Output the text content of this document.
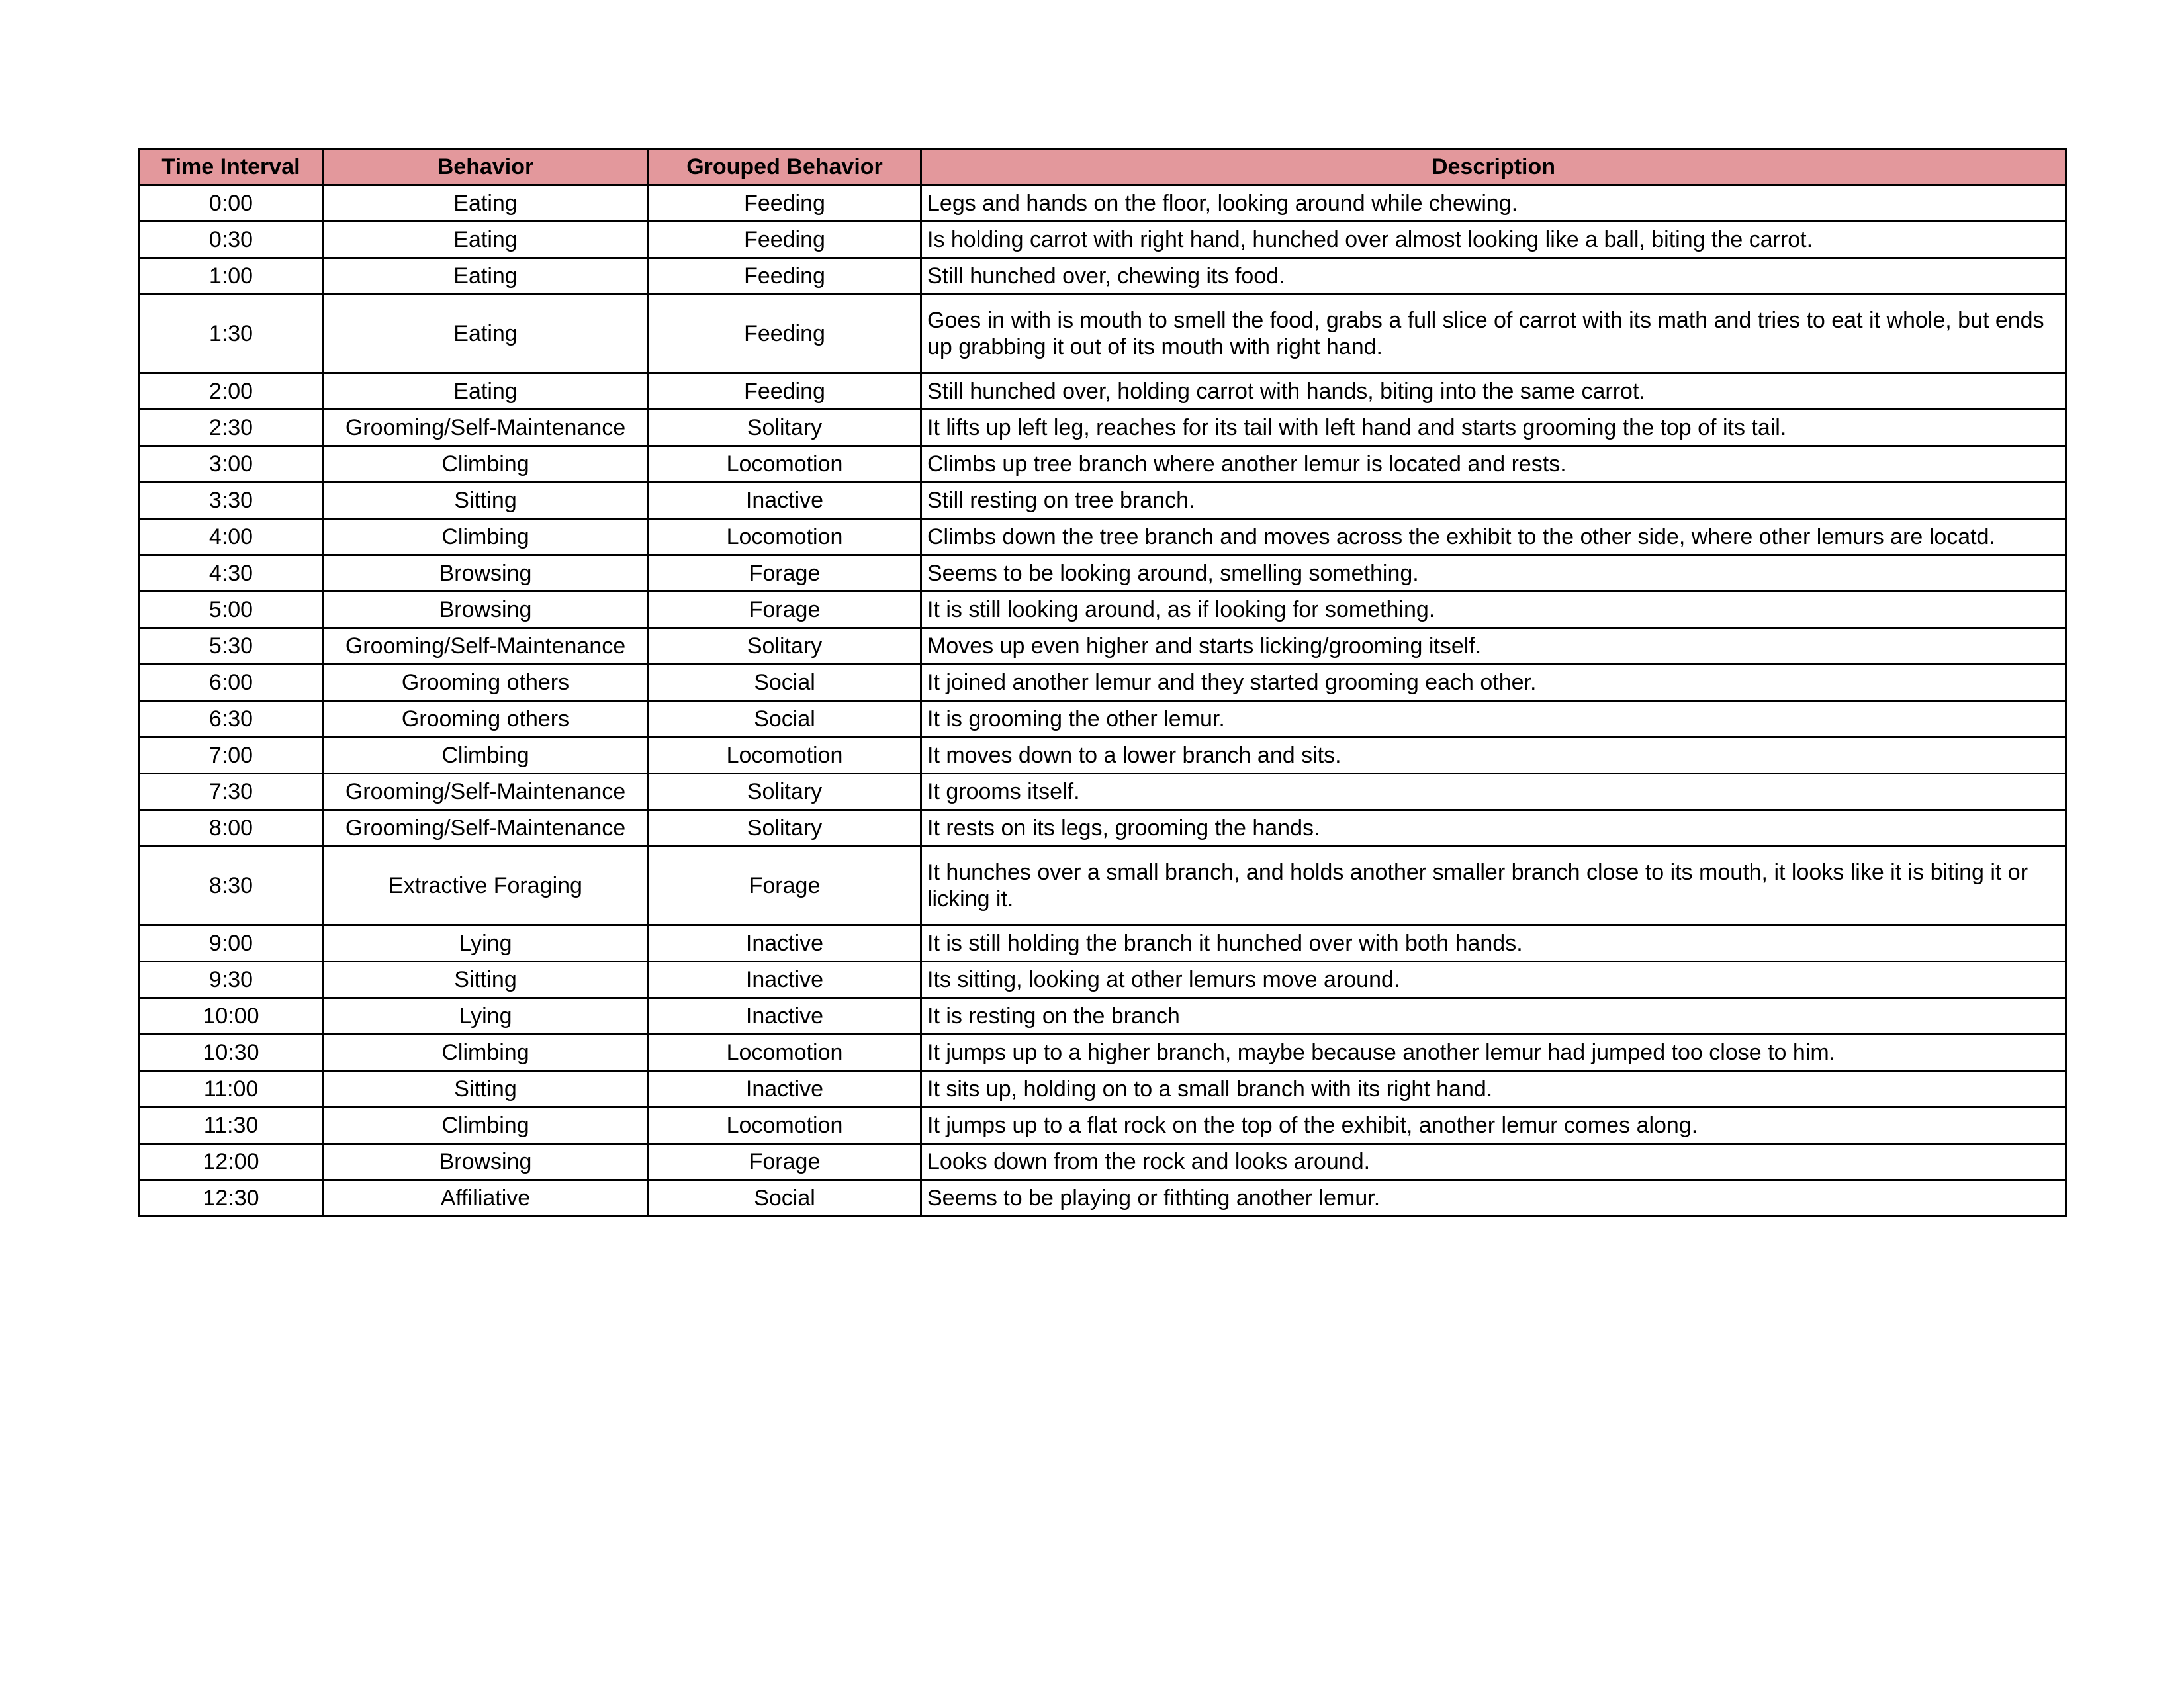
Time Interval	Behavior	Grouped Behavior	Description
0:00	Eating	Feeding	Legs and hands on the floor, looking around while chewing.
0:30	Eating	Feeding	Is holding carrot with right hand, hunched over almost looking like a ball, biting the carrot.
1:00	Eating	Feeding	Still hunched over, chewing its food.
1:30	Eating	Feeding	Goes in with is mouth to smell the food, grabs a full slice of carrot with its math and tries to eat it whole, but ends up grabbing it out of its mouth with right hand.
2:00	Eating	Feeding	Still hunched over, holding carrot with hands, biting into the same carrot.
2:30	Grooming/Self-Maintenance	Solitary	It lifts up left leg, reaches for its tail with left hand and starts grooming the top of its tail.
3:00	Climbing	Locomotion	Climbs up tree branch where another lemur is located and rests.
3:30	Sitting	Inactive	Still resting on tree branch.
4:00	Climbing	Locomotion	Climbs down the tree branch and moves across the exhibit to the other side, where other lemurs are locatd.
4:30	Browsing	Forage	Seems to be looking around, smelling something.
5:00	Browsing	Forage	It is still looking around, as if looking for something.
5:30	Grooming/Self-Maintenance	Solitary	Moves up even higher and starts licking/grooming itself.
6:00	Grooming others	Social	It joined another lemur and they started grooming each other.
6:30	Grooming others	Social	It is grooming the other lemur.
7:00	Climbing	Locomotion	It moves down to a lower branch and sits.
7:30	Grooming/Self-Maintenance	Solitary	It grooms itself.
8:00	Grooming/Self-Maintenance	Solitary	It rests on its legs, grooming the hands.
8:30	Extractive Foraging	Forage	It hunches over a small branch, and holds another smaller branch close to its mouth, it looks like it is biting it or licking it.
9:00	Lying	Inactive	It is still holding the branch it hunched over with both hands.
9:30	Sitting	Inactive	Its sitting, looking at other lemurs move around.
10:00	Lying	Inactive	It is resting on the branch
10:30	Climbing	Locomotion	It jumps up to a higher branch, maybe because another lemur had jumped too close to him.
11:00	Sitting	Inactive	It sits up, holding on to a small branch with its right hand.
11:30	Climbing	Locomotion	It jumps up to a flat rock on the top of the exhibit, another lemur comes along.
12:00	Browsing	Forage	Looks down from the rock and looks around.
12:30	Affiliative	Social	Seems to be playing or fithting another lemur.
